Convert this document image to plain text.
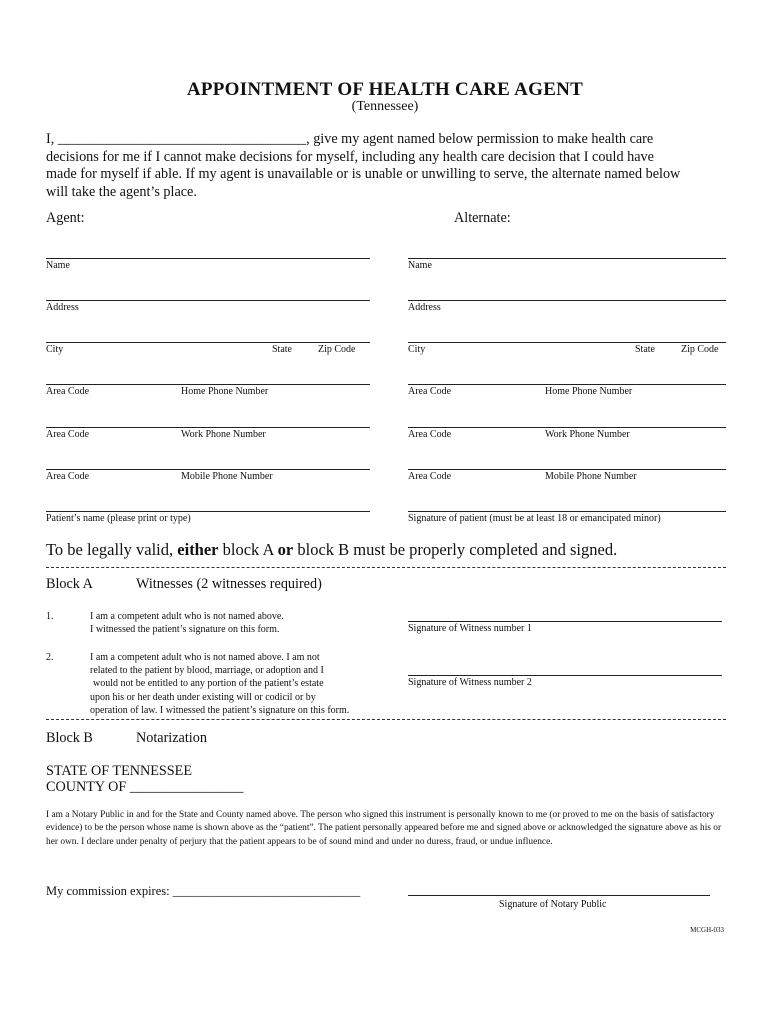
APPOINTMENT OF HEALTH CARE AGENT
(Tennessee)
I, ___________________________________, give my agent named below permission to make health care
decisions for me if I cannot make decisions for myself, including any health care decision that I could have
made for myself if able. If my agent is unavailable or is unable or unwilling to serve, the alternate named below
will take the agent’s place.
Agent:	Alternate:
Name
Address
City	State	Zip Code
Area Code	Home Phone Number
Area Code	Work Phone Number
Area Code	Mobile Phone Number
Patient’s name (please print or type)
Name
Address
City	State	Zip Code
Area Code	Home Phone Number
Area Code	Work Phone Number
Area Code	Mobile Phone Number
Signature of patient (must be at least 18 or emancipated minor)
To be legally valid, either block A or block B must be properly completed and signed.
Block A	Witnesses (2 witnesses required)
1.	I am a competent adult who is not named above.
I witnessed the patient’s signature on this form.	Signature of Witness number 1
2.	I am a competent adult who is not named above. I am not
related to the patient by blood, marriage, or adoption and I
would not be entitled to any portion of the patient’s estate
upon his or her death under existing will or codicil or by
operation of law. I witnessed the patient’s signature on this form.
Signature of Witness number 2
Block B	Notarization
STATE OF TENNESSEE
COUNTY OF ________________
I am a Notary Public in and for the State and County named above. The person who signed this instrument is personally known to me (or proved to me on the basis of satisfactory evidence) to be the person whose name is shown above as the “patient”. The patient personally appeared before me and signed above or acknowledged the signature above as his or her own. I declare under penalty of perjury that the patient appears to be of sound mind and under no duress, fraud, or undue influence.
My commission expires: ______________________________
Signature of Notary Public
MCGH-033
